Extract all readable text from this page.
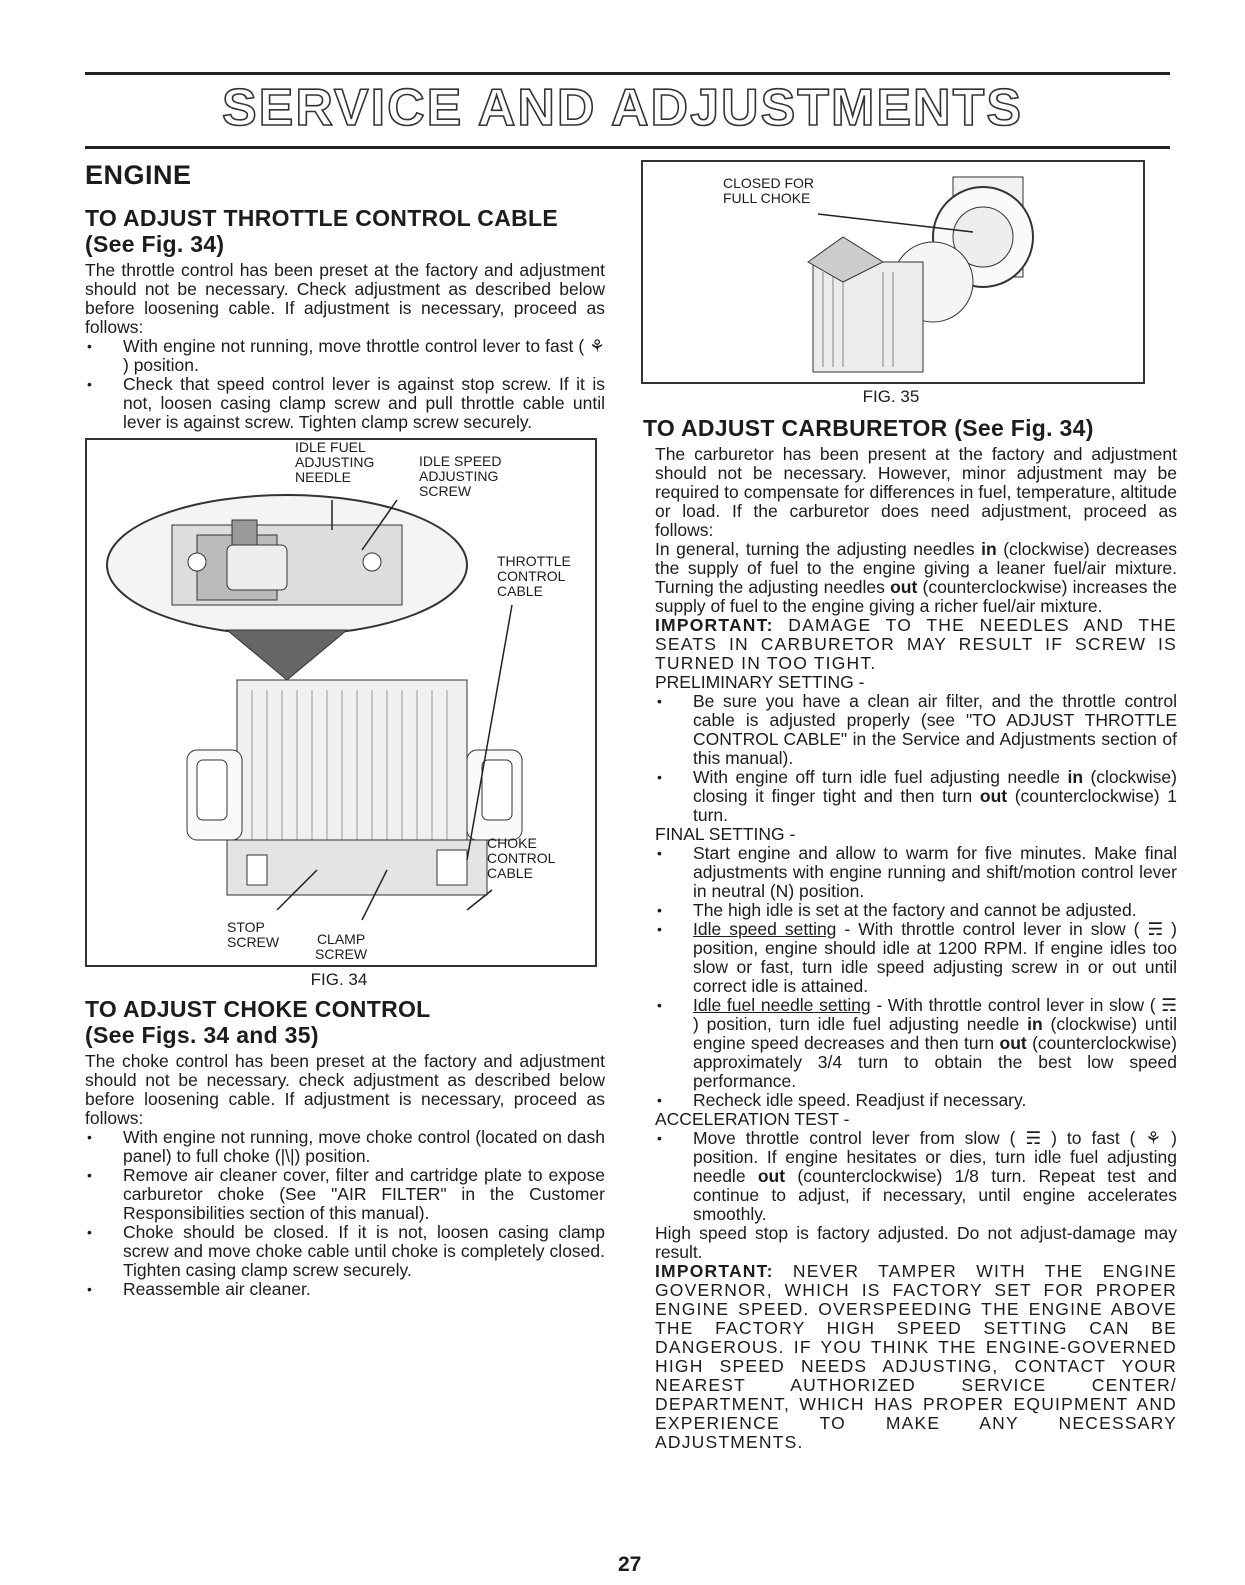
SERVICE AND ADJUSTMENTS
ENGINE
TO ADJUST THROTTLE CONTROL CABLE
(See Fig. 34)

The throttle control has been preset at the factory and adjustment should not be necessary. Check adjustment as described below before loosening cable. If adjustment is necessary, proceed as follows:

• With engine not running, move throttle control lever to fast ( ⚘ ) position.
• Check that speed control lever is against stop screw. If it is not, loosen casing clamp screw and pull throttle cable until lever is against screw. Tighten clamp screw securely.
IDLE FUEL
ADJUSTING
NEEDLE
IDLE SPEED
ADJUSTING
SCREW
THROTTLE
CONTROL
CABLE
CHOKE
CONTROL
CABLE
STOP
SCREW	CLAMP
SCREW
FIG. 34
TO ADJUST CHOKE CONTROL
(See Figs. 34 and 35)

The choke control has been preset at the factory and adjustment should not be necessary. check adjustment as described below before loosening cable. If adjustment is necessary, proceed as follows:

• With engine not running, move choke control (located on dash panel) to full choke (|\|) position.
• Remove air cleaner cover, filter and cartridge plate to expose carburetor choke (See "AIR FILTER" in the Customer Responsibilities section of this manual).
• Choke should be closed. If it is not, loosen casing clamp screw and move choke cable until choke is completely closed. Tighten casing clamp screw securely.
• Reassemble air cleaner.
CLOSED FOR
FULL CHOKE
FIG. 35
TO ADJUST CARBURETOR (See Fig. 34)

The carburetor has been present at the factory and adjustment should not be necessary. However, minor adjustment may be required to compensate for differences in fuel, temperature, altitude or load. If the carburetor does need adjustment, proceed as follows:

In general, turning the adjusting needles in (clockwise) decreases the supply of fuel to the engine giving a leaner fuel/air mixture. Turning the adjusting needles out (counterclockwise) increases the supply of fuel to the engine giving a richer fuel/air mixture.

IMPORTANT: DAMAGE TO THE NEEDLES AND THE SEATS IN CARBURETOR MAY RESULT IF SCREW IS TURNED IN TOO TIGHT.

PRELIMINARY SETTING -

• Be sure you have a clean air filter, and the throttle control cable is adjusted properly (see "TO ADJUST THROTTLE CONTROL CABLE" in the Service and Adjustments section of this manual).
• With engine off turn idle fuel adjusting needle in (clockwise) closing it finger tight and then turn out (counterclockwise) 1 turn.

FINAL SETTING -

• Start engine and allow to warm for five minutes. Make final adjustments with engine running and shift/motion control lever in neutral (N) position.
• The high idle is set at the factory and cannot be adjusted.
• Idle speed setting - With throttle control lever in slow ( ☴ ) position, engine should idle at 1200 RPM. If engine idles too slow or fast, turn idle speed adjusting screw in or out until correct idle is attained.
• Idle fuel needle setting - With throttle control lever in slow ( ☴ ) position, turn idle fuel adjusting needle in (clockwise) until engine speed decreases and then turn out (counterclockwise) approximately 3/4 turn to obtain the best low speed performance.
• Recheck idle speed. Readjust if necessary.

ACCELERATION TEST -

• Move throttle control lever from slow ( ☴ ) to fast ( ⚘ ) position. If engine hesitates or dies, turn idle fuel adjusting needle out (counterclockwise) 1/8 turn. Repeat test and continue to adjust, if necessary, until engine accelerates smoothly.

High speed stop is factory adjusted. Do not adjust-damage may result.

IMPORTANT: NEVER TAMPER WITH THE ENGINE GOVERNOR, WHICH IS FACTORY SET FOR PROPER ENGINE SPEED. OVERSPEEDING THE ENGINE ABOVE THE FACTORY HIGH SPEED SETTING CAN BE DANGEROUS. IF YOU THINK THE ENGINE-GOVERNED HIGH SPEED NEEDS ADJUSTING, CONTACT YOUR NEAREST AUTHORIZED SERVICE CENTER/ DEPARTMENT, WHICH HAS PROPER EQUIPMENT AND EXPERIENCE TO MAKE ANY NECESSARY ADJUSTMENTS.

27
